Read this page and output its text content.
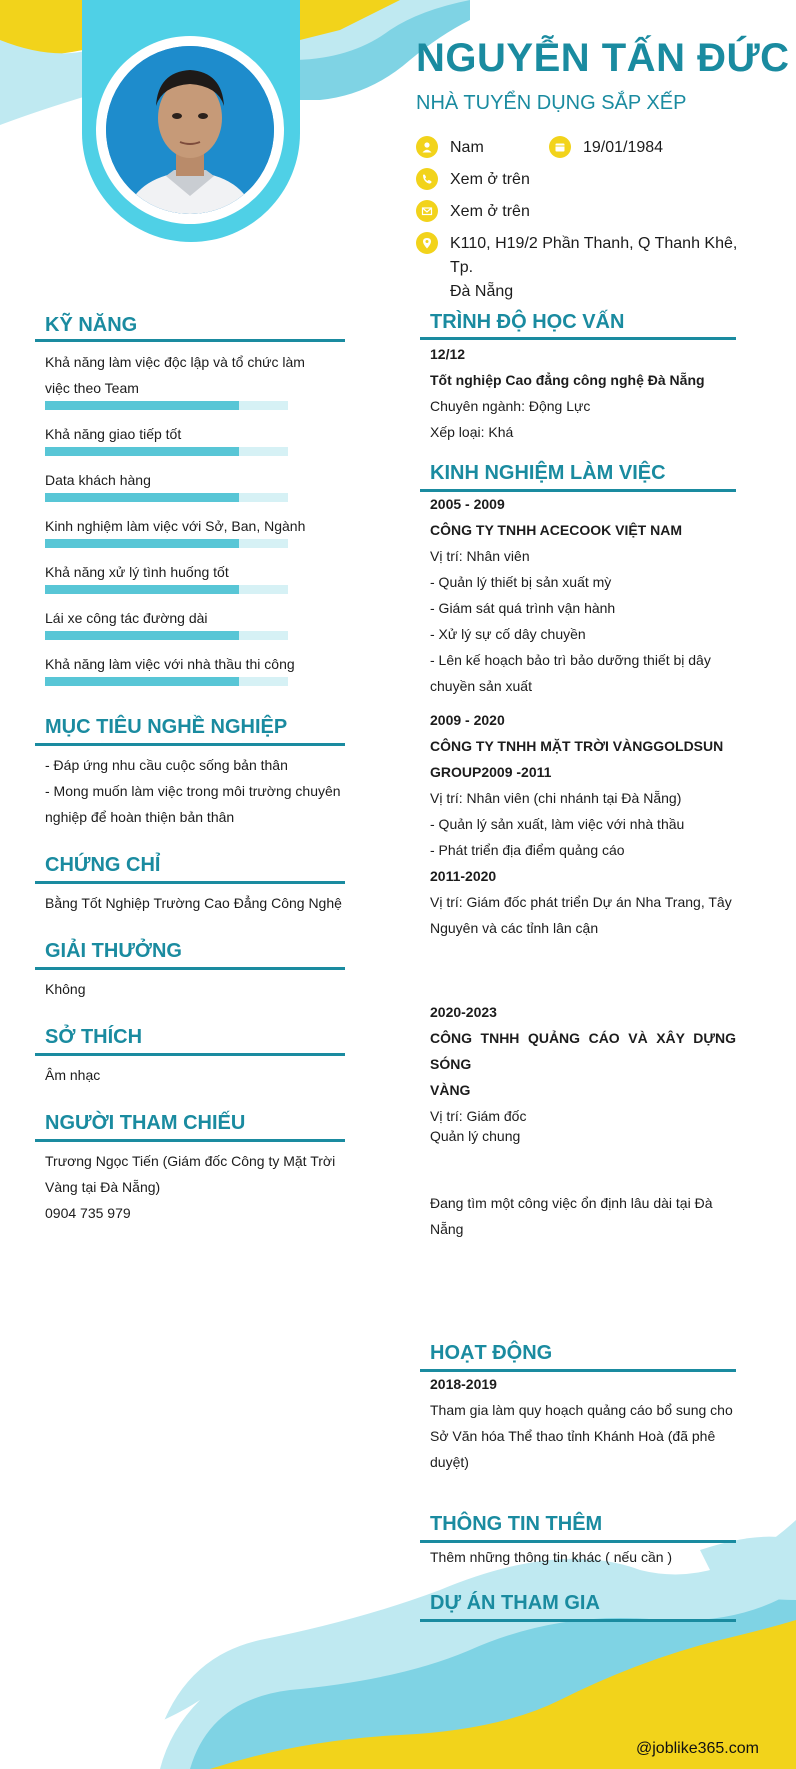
NGUYỄN TẤN ĐỨC
NHÀ TUYỂN DỤNG SẮP XẾP
Nam	19/01/1984
Xem ở trên
Xem ở trên
K110, H19/2 Phần Thanh, Q Thanh Khê, Tp.
Đà Nẵng
KỸ NĂNG
Khả năng làm việc độc lập và tổ chức làm
việc theo Team
Khả năng giao tiếp tốt
Data khách hàng
Kinh nghiệm làm việc với Sở, Ban, Ngành
Khả năng xử lý tình huống tốt
Lái xe công tác đường dài
Khả năng làm việc với nhà thầu thi công
MỤC TIÊU NGHỀ NGHIỆP
- Đáp ứng nhu cầu cuộc sống bản thân
- Mong muốn làm việc trong môi trường chuyên
nghiệp để hoàn thiện bản thân
CHỨNG CHỈ
Bằng Tốt Nghiệp Trường Cao Đẳng Công Nghệ
GIẢI THƯỞNG
Không
SỞ THÍCH
Âm nhạc
NGƯỜI THAM CHIẾU
Trương Ngọc Tiến (Giám đốc Công ty Mặt Trời
Vàng tại Đà Nẵng)
0904 735 979
TRÌNH ĐỘ HỌC VẤN
12/12
Tốt nghiệp Cao đẳng công nghệ Đà Nẵng
Chuyên ngành: Động Lực
Xếp loại: Khá
KINH NGHIỆM LÀM VIỆC
2005 - 2009
CÔNG TY TNHH ACECOOK VIỆT NAM
Vị trí: Nhân viên
- Quản lý thiết bị sản xuất mỳ
- Giám sát quá trình vận hành
- Xử lý sự cố dây chuyền
- Lên kế hoạch bảo trì bảo dưỡng thiết bị dây
chuyền sản xuất
2009 - 2020
CÔNG TY TNHH MẶT TRỜI VÀNGGOLDSUN
GROUP2009 -2011
Vị trí: Nhân viên (chi nhánh tại Đà Nẵng)
- Quản lý sản xuất, làm việc với nhà thầu
- Phát triển địa điểm quảng cáo
2011-2020
Vị trí: Giám đốc phát triển Dự án Nha Trang, Tây
Nguyên và các tỉnh lân cận
2020-2023
CÔNG TNHH QUẢNG CÁO VÀ XÂY DỰNG SÓNG
VÀNG
Vị trí: Giám đốc
Quản lý chung
Đang tìm một công việc ổn định lâu dài tại Đà
Nẵng
HOẠT ĐỘNG
2018-2019
Tham gia làm quy hoạch quảng cáo bổ sung cho
Sở Văn hóa Thể thao tỉnh Khánh Hoà (đã phê
duyệt)
THÔNG TIN THÊM
Thêm những thông tin khác ( nếu cần )
DỰ ÁN THAM GIA
@joblike365.com
